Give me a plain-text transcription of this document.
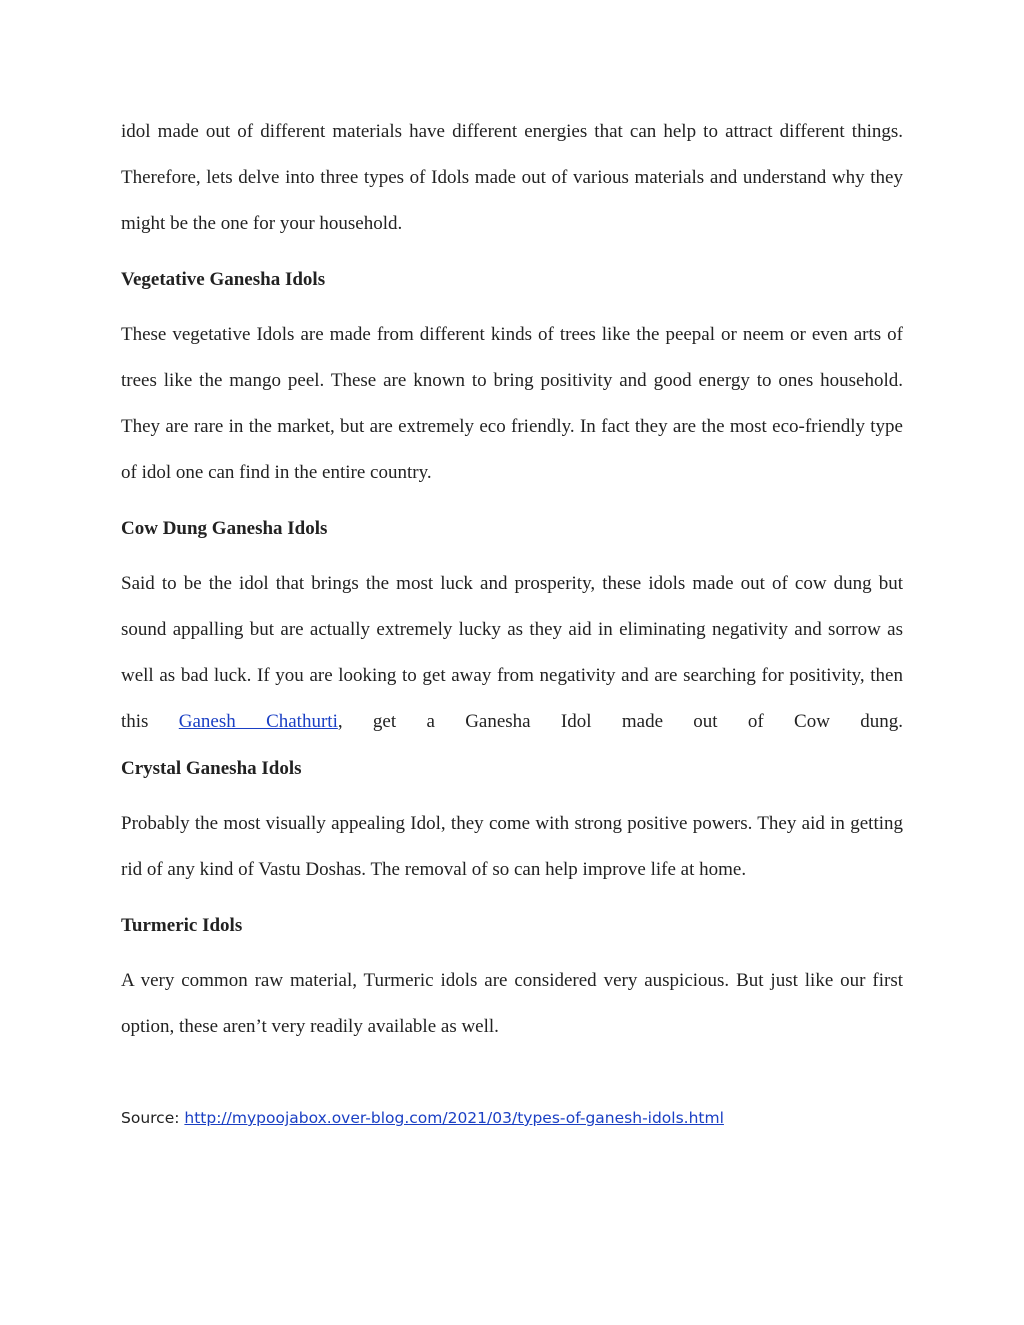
idol made out of different materials have different energies that can help to attract different things. Therefore, lets delve into three types of Idols made out of various materials and understand why they might be the one for your household.

Vegetative Ganesha Idols

These vegetative Idols are made from different kinds of trees like the peepal or neem or even arts of trees like the mango peel. These are known to bring positivity and good energy to ones household. They are rare in the market, but are extremely eco friendly. In fact they are the most eco-friendly type of idol one can find in the entire country.

Cow Dung Ganesha Idols

Said to be the idol that brings the most luck and prosperity, these idols made out of cow dung but sound appalling but are actually extremely lucky as they aid in eliminating negativity and sorrow as well as bad luck. If you are looking to get away from negativity and are searching for positivity, then this Ganesh Chathurti, get a Ganesha Idol made out of Cow dung.

Crystal Ganesha Idols

Probably the most visually appealing Idol, they come with strong positive powers. They aid in getting rid of any kind of Vastu Doshas. The removal of so can help improve life at home.

Turmeric Idols

A very common raw material, Turmeric idols are considered very auspicious. But just like our first option, these aren’t very readily available as well.

Source: http://mypoojabox.over-blog.com/2021/03/types-of-ganesh-idols.html
